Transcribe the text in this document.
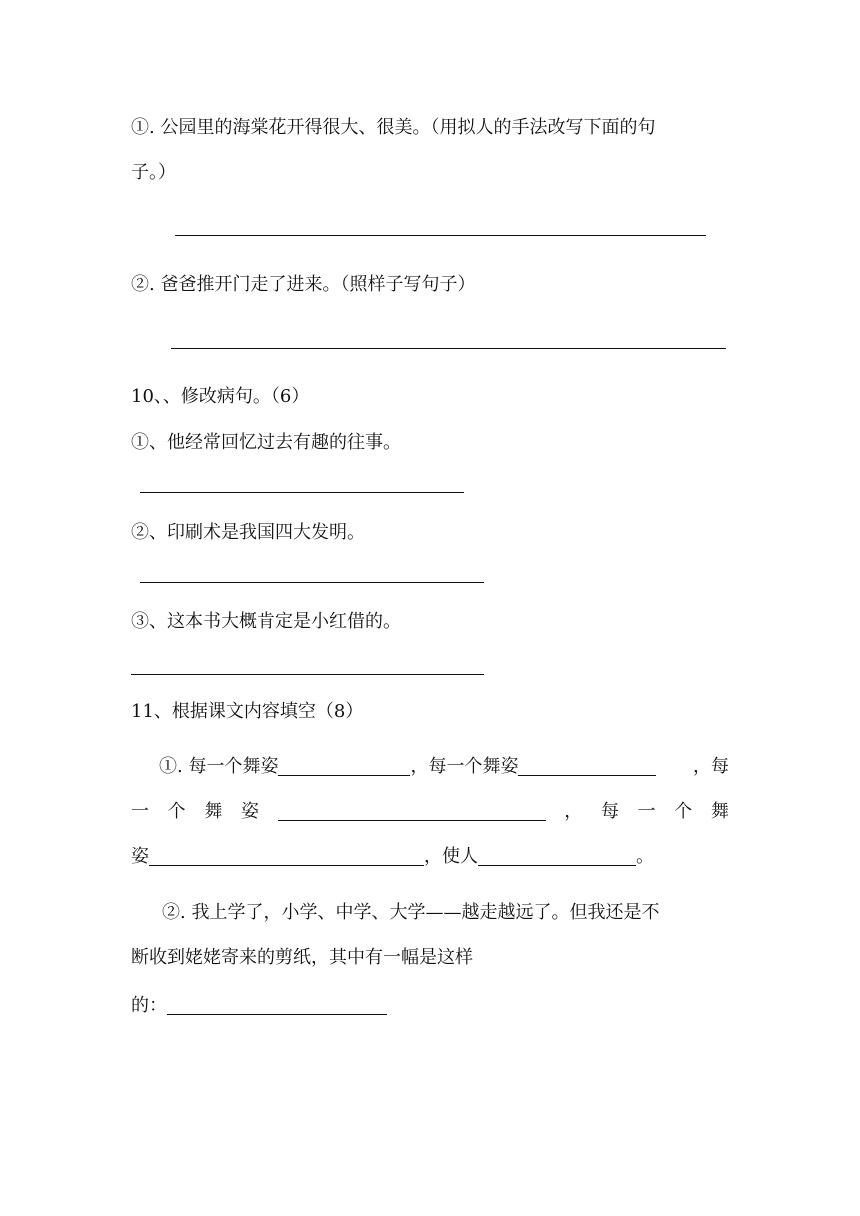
①. 公园里的海棠花开得很大、很美。（用拟人的手法改写下面的句
子。）
②. 爸爸推开门走了进来。（照样子写句子）
10、、修改病句。（6）
①、他经常回忆过去有趣的往事。
②、印刷术是我国四大发明。
③、这本书大概肯定是小红借的。
11、根据课文内容填空（8）
①. 每一个舞姿	，每一个舞姿	，每
一 个 舞 姿	， 每 一 个 舞
姿	，使人	。
②. 我上学了，小学、中学、大学——越走越远了。但我还是不
断收到姥姥寄来的剪纸，其中有一幅是这样
的：
